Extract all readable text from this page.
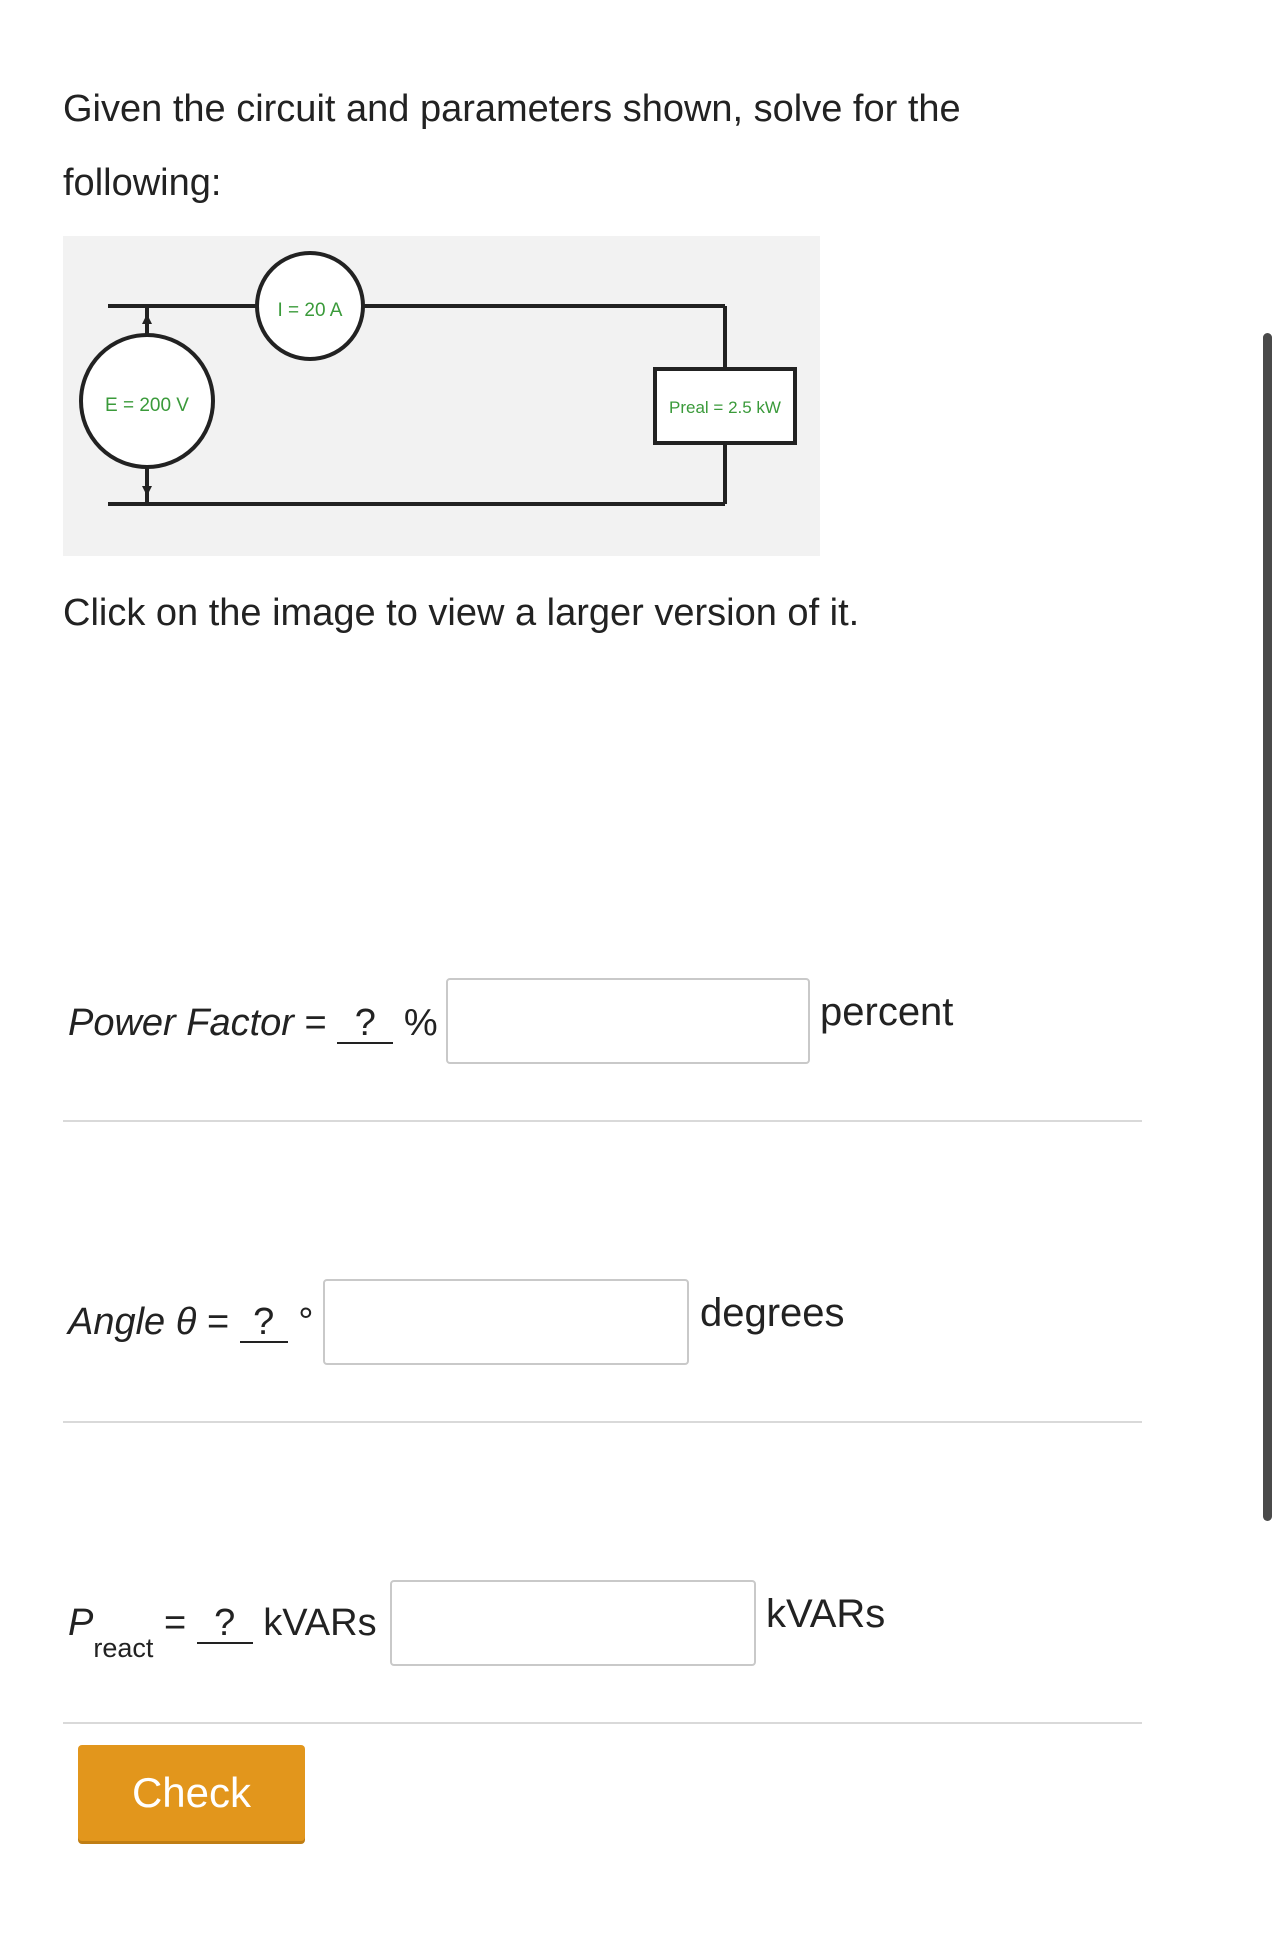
Given the circuit and parameters shown, solve for the following:

E = 200 V
I = 20 A
Preal = 2.5 kW

Click on the image to view a larger version of it.

Power Factor = ? %	percent
Angle θ = ? °	degrees
$P_{react}$ = ? kVARs	kVARs
Check
